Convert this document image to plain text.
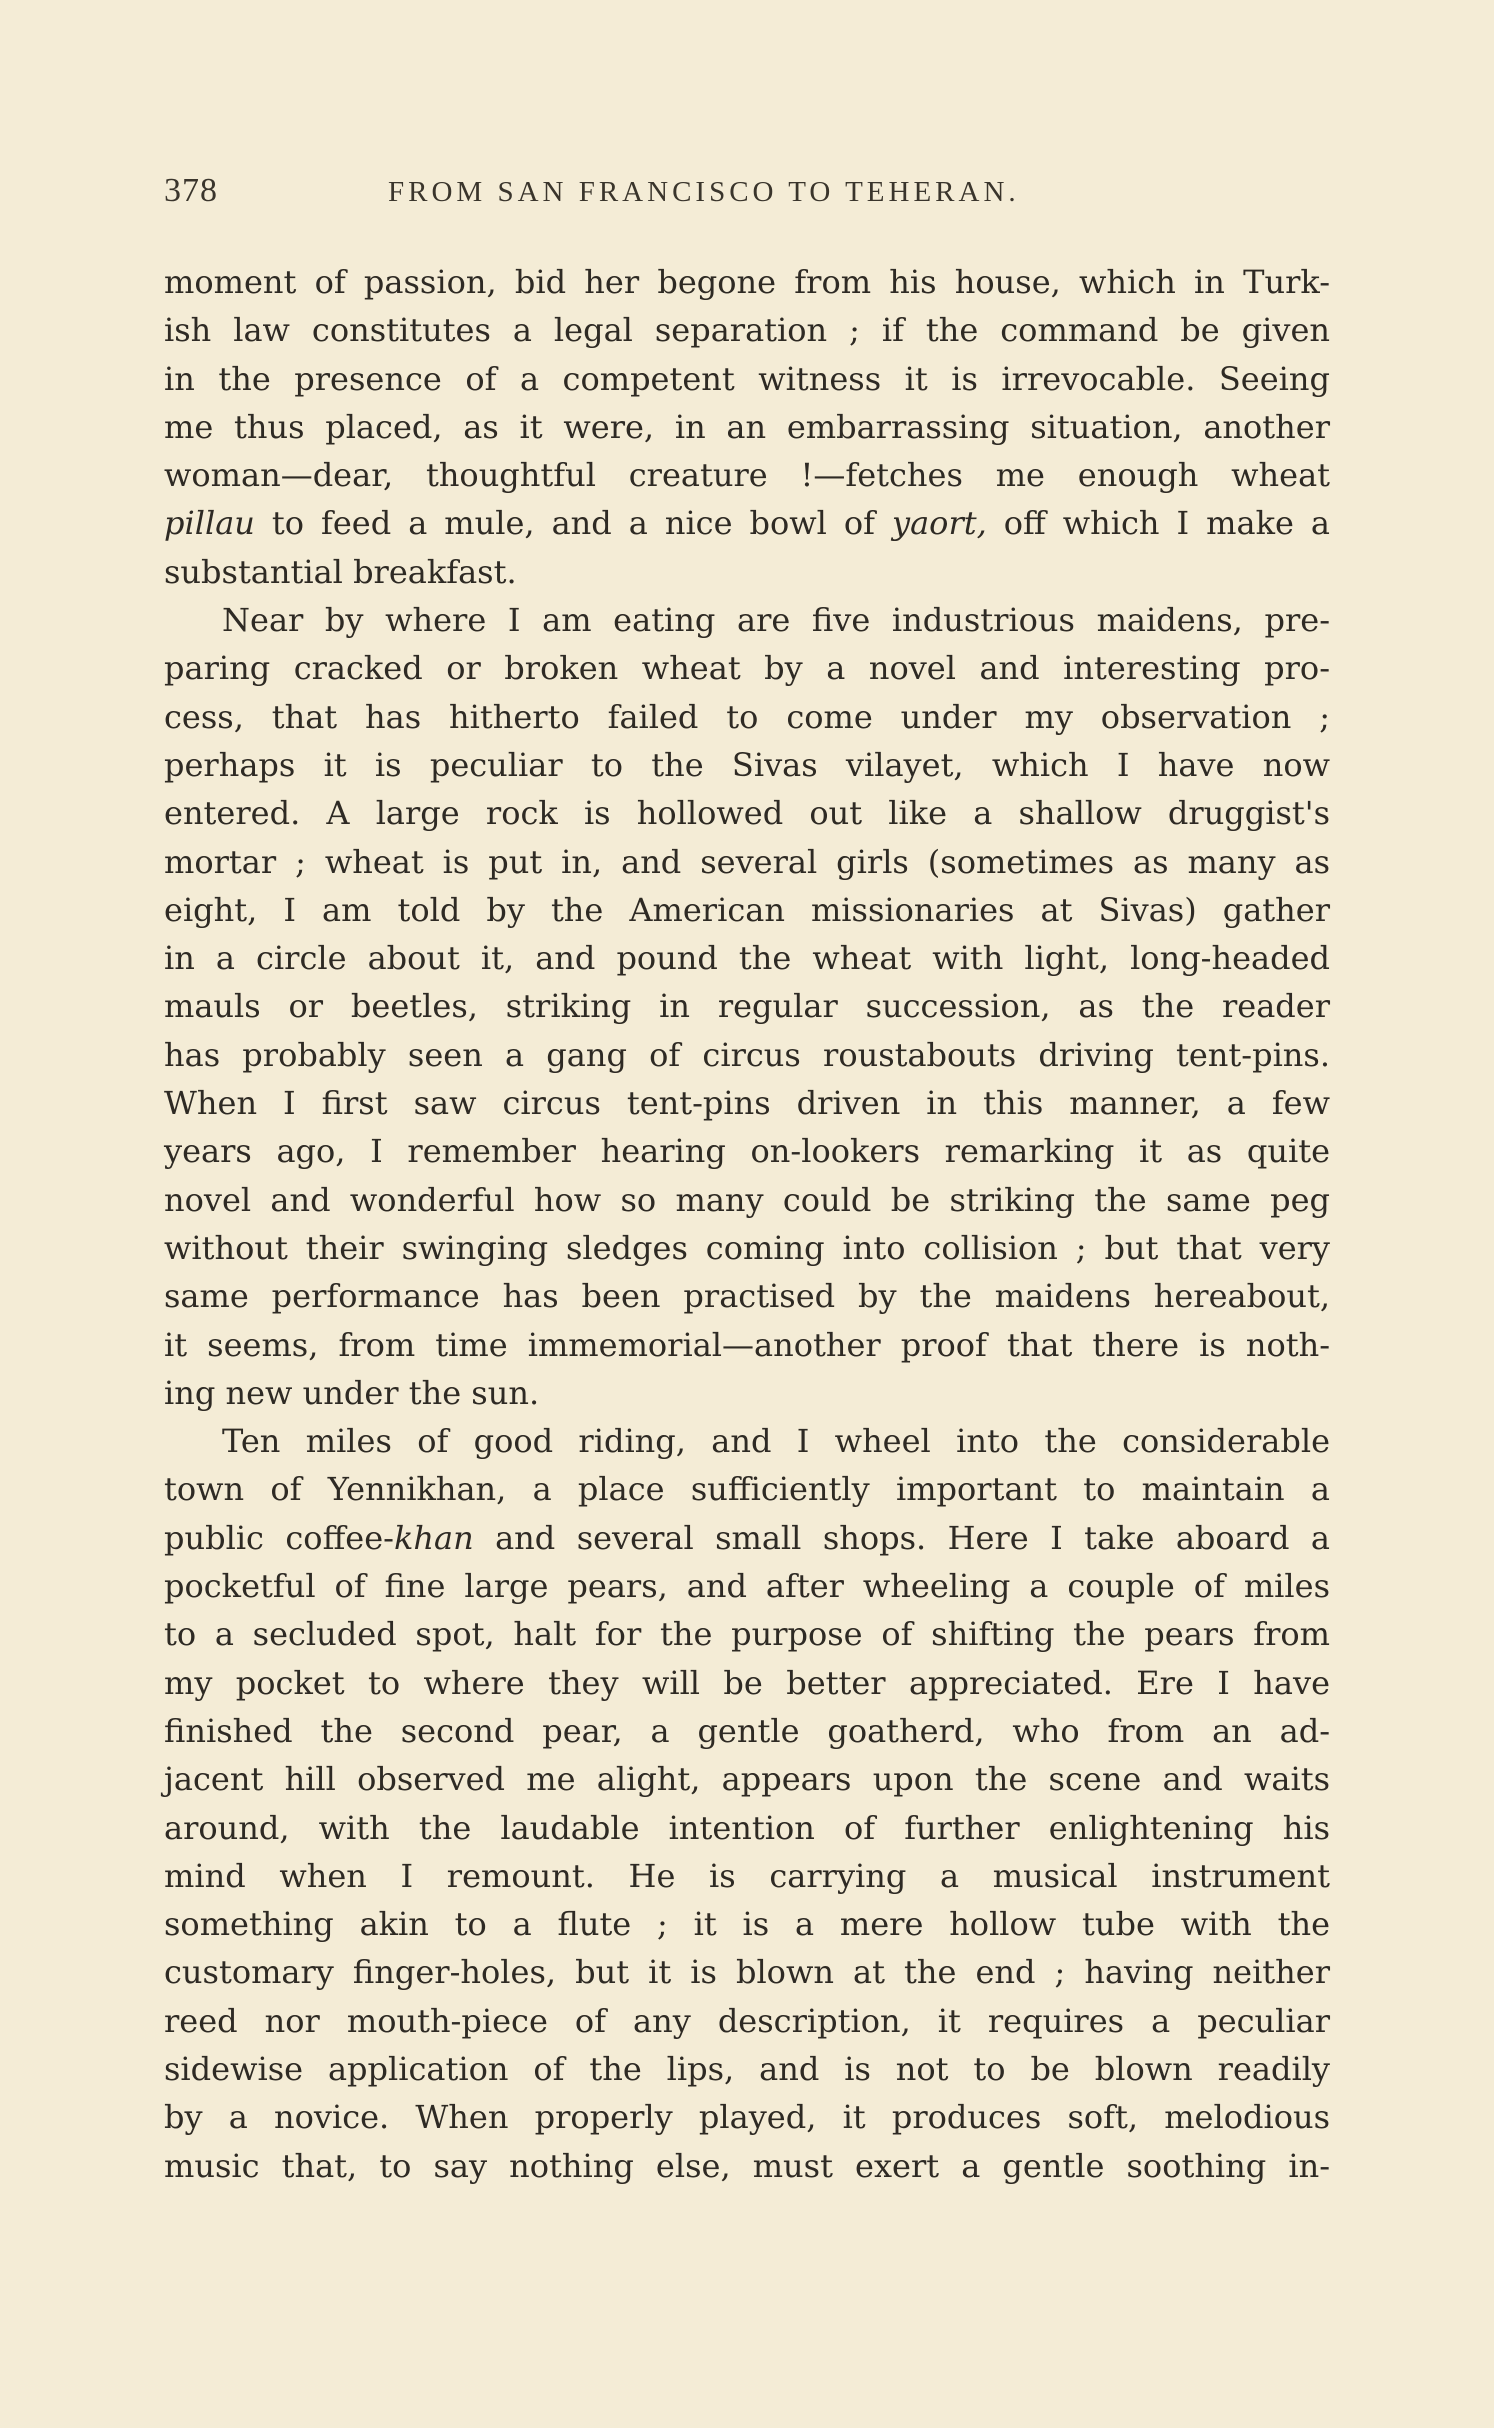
378	FROM SAN FRANCISCO TO TEHERAN.
moment of passion, bid her begone from his house, which in Turk-
ish law constitutes a legal separation ; if the command be given
in the presence of a competent witness it is irrevocable. Seeing
me thus placed, as it were, in an embarrassing situation, another
woman—dear, thoughtful creature !—fetches me enough wheat
pillau to feed a mule, and a nice bowl of yaort, off which I make a
substantial breakfast.
Near by where I am eating are five industrious maidens, pre-
paring cracked or broken wheat by a novel and interesting pro-
cess, that has hitherto failed to come under my observation ;
perhaps it is peculiar to the Sivas vilayet, which I have now
entered. A large rock is hollowed out like a shallow druggist's
mortar ; wheat is put in, and several girls (sometimes as many as
eight, I am told by the American missionaries at Sivas) gather
in a circle about it, and pound the wheat with light, long-headed
mauls or beetles, striking in regular succession, as the reader
has probably seen a gang of circus roustabouts driving tent-pins.
When I first saw circus tent-pins driven in this manner, a few
years ago, I remember hearing on-lookers remarking it as quite
novel and wonderful how so many could be striking the same peg
without their swinging sledges coming into collision ; but that very
same performance has been practised by the maidens hereabout,
it seems, from time immemorial—another proof that there is noth-
ing new under the sun.
Ten miles of good riding, and I wheel into the considerable
town of Yennikhan, a place sufficiently important to maintain a
public coffee-khan and several small shops. Here I take aboard a
pocketful of fine large pears, and after wheeling a couple of miles
to a secluded spot, halt for the purpose of shifting the pears from
my pocket to where they will be better appreciated. Ere I have
finished the second pear, a gentle goatherd, who from an ad-
jacent hill observed me alight, appears upon the scene and waits
around, with the laudable intention of further enlightening his
mind when I remount. He is carrying a musical instrument
something akin to a flute ; it is a mere hollow tube with the
customary finger-holes, but it is blown at the end ; having neither
reed nor mouth-piece of any description, it requires a peculiar
sidewise application of the lips, and is not to be blown readily
by a novice. When properly played, it produces soft, melodious
music that, to say nothing else, must exert a gentle soothing in-
